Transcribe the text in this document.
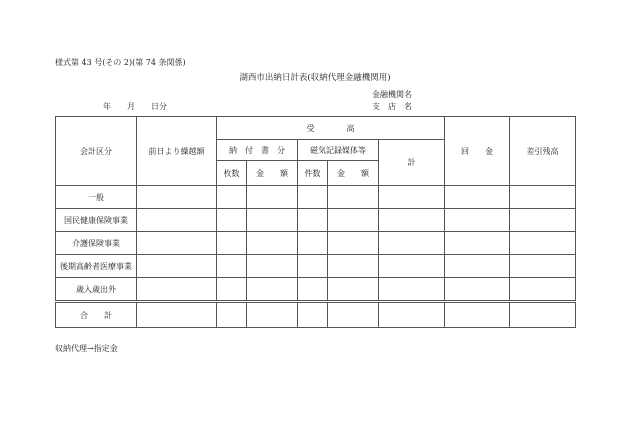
様式第 43 号(その 2)(第 74 条関係)
湖西市出納日計表(収納代理金融機関用)
金融機関名
年　　月　　日分	支　店　名
会計区分	前日より繰越額	受　　　　高					回　　金	差引残高
		納　付　書　分		磁気記録媒体等		計		
		枚数	金　　額	件数	金　　額			
一般								
国民健康保険事業								
介護保険事業								
後期高齢者医療事業								
歳入歳出外								
合　　計								
収納代理→指定金
